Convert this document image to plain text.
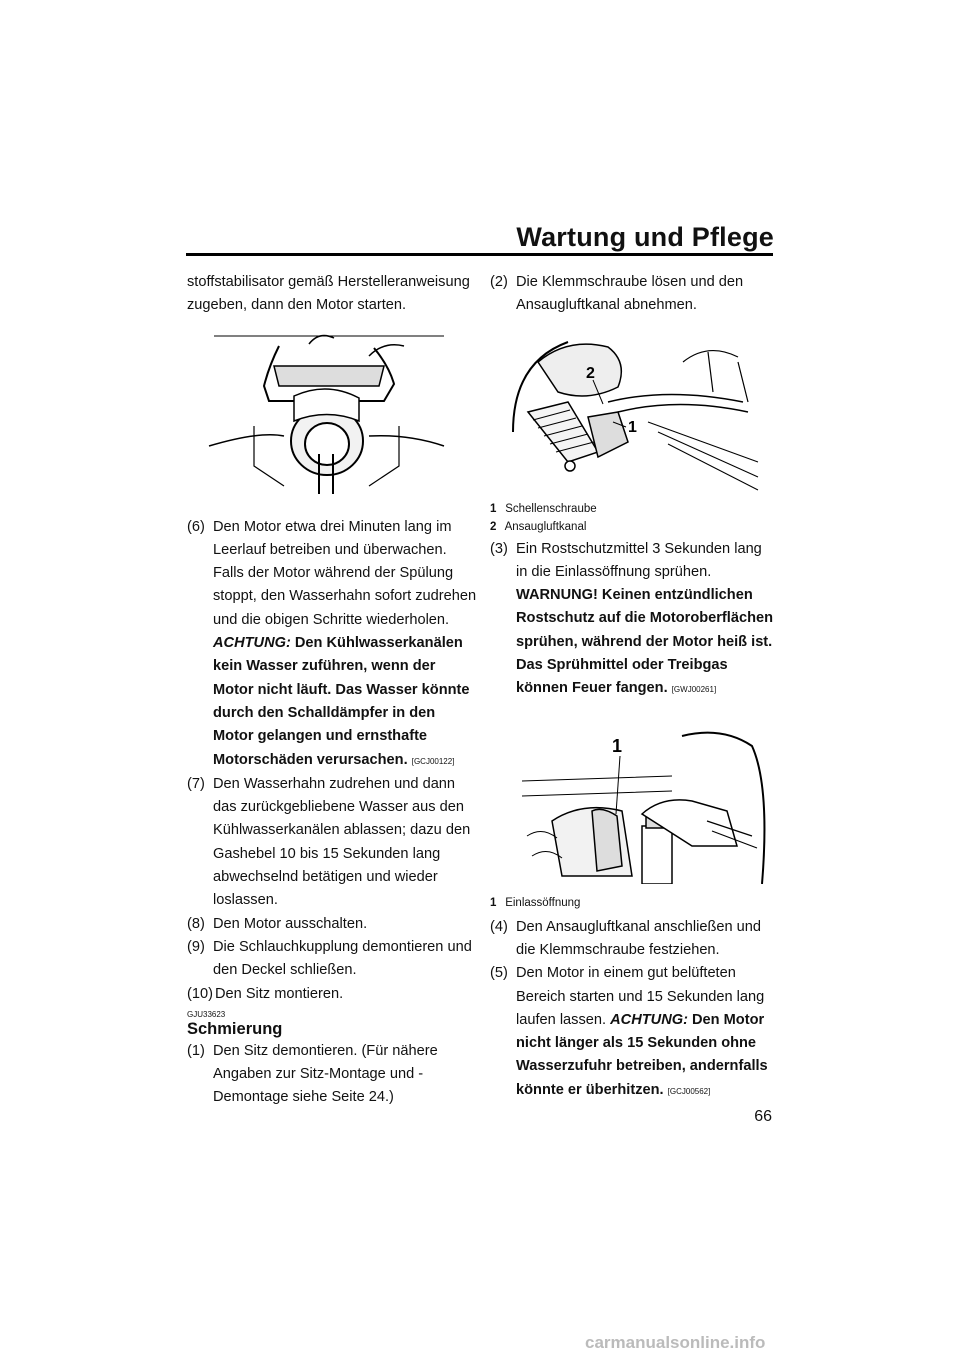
Wartung und Pflege

stoffstabilisator gemäß Herstelleranweisung zugeben, dann den Motor starten.

(6) Den Motor etwa drei Minuten lang im Leerlauf betreiben und überwachen. Falls der Motor während der Spülung stoppt, den Wasserhahn sofort zudrehen und die obigen Schritte wiederholen.
ACHTUNG: Den Kühlwasserkanälen kein Wasser zuführen, wenn der Motor nicht läuft. Das Wasser könnte durch den Schalldämpfer in den Motor gelangen und ernsthafte Motorschäden verursachen. [GCJ00122]
(7) Den Wasserhahn zudrehen und dann das zurückgebliebene Wasser aus den Kühlwasserkanälen ablassen; dazu den Gashebel 10 bis 15 Sekunden lang abwechselnd betätigen und wieder loslassen.
(8) Den Motor ausschalten.
(9) Die Schlauchkupplung demontieren und den Deckel schließen.
(10) Den Sitz montieren.
GJU33623
Schmierung
(1) Den Sitz demontieren. (Für nähere Angaben zur Sitz-Montage und -Demontage siehe Seite 24.)
(2) Die Klemmschraube lösen und den Ansaugluftkanal abnehmen.
2
1
1 Schellenschraube
2 Ansaugluftkanal
(3) Ein Rostschutzmittel 3 Sekunden lang in die Einlassöffnung sprühen.
WARNUNG! Keinen entzündlichen Rostschutz auf die Motoroberflächen sprühen, während der Motor heiß ist. Das Sprühmittel oder Treibgas können Feuer fangen. [GWJ00261]
1
1 Einlassöffnung
(4) Den Ansaugluftkanal anschließen und die Klemmschraube festziehen.
(5) Den Motor in einem gut belüfteten Bereich starten und 15 Sekunden lang laufen lassen. ACHTUNG: Den Motor nicht länger als 15 Sekunden ohne Wasserzufuhr betreiben, andernfalls könnte er überhitzen. [GCJ00562]
66
carmanualsonline.info
